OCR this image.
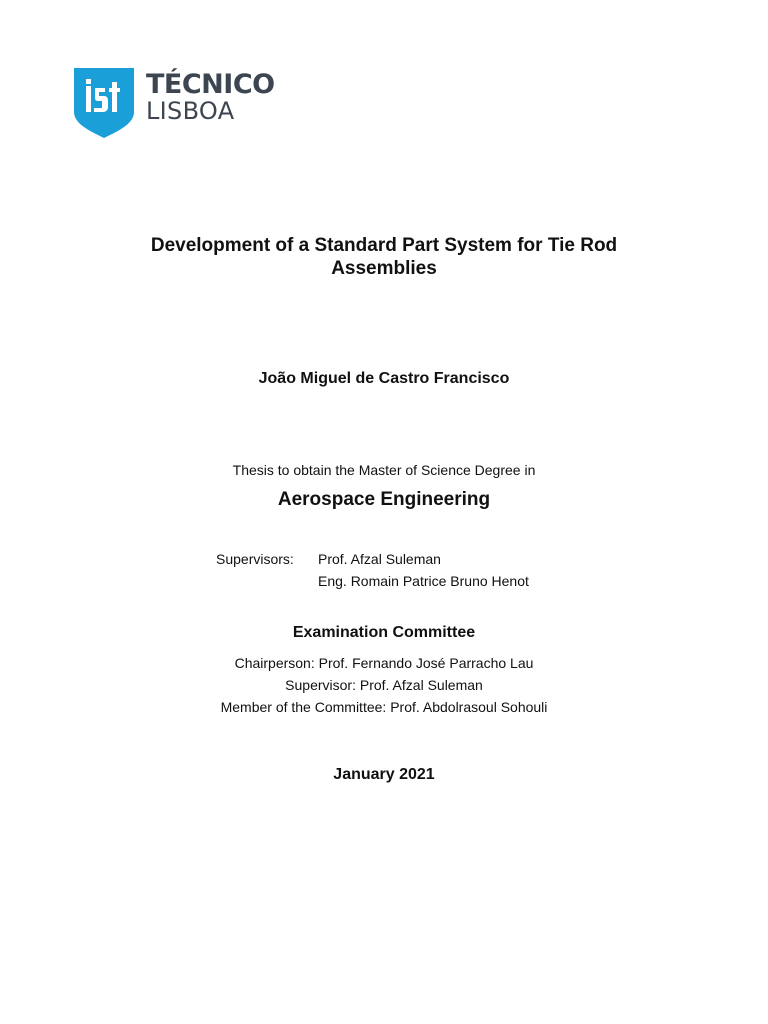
TÉCNICO
LISBOA
Development of a Standard Part System for Tie Rod Assemblies
João Miguel de Castro Francisco
Thesis to obtain the Master of Science Degree in
Aerospace Engineering
Supervisors:	Prof. Afzal Suleman
Eng. Romain Patrice Bruno Henot
Examination Committee
Chairperson: Prof. Fernando José Parracho Lau
Supervisor: Prof. Afzal Suleman
Member of the Committee: Prof. Abdolrasoul Sohouli
January 2021
